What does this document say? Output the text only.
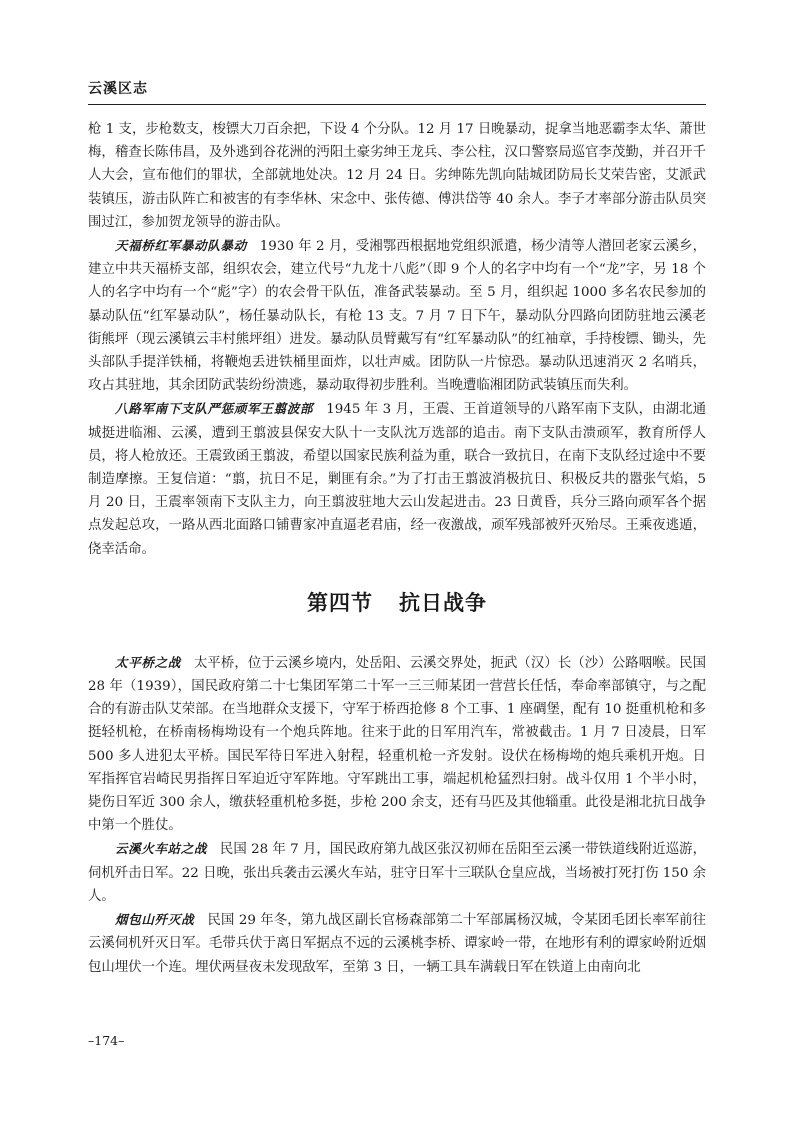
云溪区志

枪 1 支，步枪数支，梭镖大刀百余把，下设 4 个分队。12 月 17 日晚暴动，捉拿当地恶霸李太华、萧世梅，稽查长陈伟昌，及外逃到谷花洲的沔阳土豪劣绅王龙兵、李公柱，汉口警察局巡官李茂勤，并召开千人大会，宣布他们的罪状，全部就地处决。12 月 24 日。劣绅陈先凯向陆城团防局长艾荣告密，艾派武装镇压，游击队阵亡和被害的有李华林、宋念中、张传德、傅洪岱等 40 余人。李子才率部分游击队员突围过江，参加贺龙领导的游击队。

天福桥红军暴动队暴动 1930 年 2 月，受湘鄂西根据地党组织派遣，杨少清等人潜回老家云溪乡，建立中共天福桥支部，组织农会，建立代号“九龙十八彪”（即 9 个人的名字中均有一个“龙”字，另 18 个人的名字中均有一个“彪”字）的农会骨干队伍，准备武装暴动。至 5 月，组织起 1000 多名农民参加的暴动队伍“红军暴动队”，杨任暴动队长，有枪 13 支。7 月 7 日下午，暴动队分四路向团防驻地云溪老街熊坪（现云溪镇云丰村熊坪组）进发。暴动队员臂戴写有“红军暴动队”的红袖章，手持梭镖、锄头，先头部队手提洋铁桶，将鞭炮丢进铁桶里面炸，以壮声威。团防队一片惊恐。暴动队迅速消灭 2 名哨兵，攻占其驻地，其余团防武装纷纷溃逃，暴动取得初步胜利。当晚遭临湘团防武装镇压而失利。

八路军南下支队严惩顽军王翦波部 1945 年 3 月，王震、王首道领导的八路军南下支队，由湖北通城挺进临湘、云溪，遭到王翦波县保安大队十一支队沈万选部的追击。南下支队击溃顽军，教育所俘人员，将人枪放还。王震致函王翦波，希望以国家民族利益为重，联合一致抗日，在南下支队经过途中不要制造摩擦。王复信道：“翦，抗日不足，剿匪有余。”为了打击王翦波消极抗日、积极反共的嚣张气焰，5 月 20 日，王震率领南下支队主力，向王翦波驻地大云山发起进击。23 日黄昏，兵分三路向顽军各个据点发起总攻，一路从西北面路口铺曹家冲直逼老君庙，经一夜激战，顽军残部被歼灭殆尽。王乘夜逃遁，侥幸活命。

第四节 抗日战争

太平桥之战 太平桥，位于云溪乡境内，处岳阳、云溪交界处，扼武（汉）长（沙）公路咽喉。民国 28 年（1939），国民政府第二十七集团军第二十军一三三师某团一营营长任恬，奉命率部镇守，与之配合的有游击队艾荣部。在当地群众支援下，守军于桥西抢修 8 个工事、1 座碉堡，配有 10 挺重机枪和多挺轻机枪，在桥南杨梅坳设有一个炮兵阵地。往来于此的日军用汽车，常被截击。1 月 7 日凌晨，日军 500 多人进犯太平桥。国民军待日军进入射程，轻重机枪一齐发射。设伏在杨梅坳的炮兵乘机开炮。日军指挥官岩崎民男指挥日军迫近守军阵地。守军跳出工事，端起机枪猛烈扫射。战斗仅用 1 个半小时，毙伤日军近 300 余人，缴获轻重机枪多挺，步枪 200 余支，还有马匹及其他辎重。此役是湘北抗日战争中第一个胜仗。

云溪火车站之战 民国 28 年 7 月，国民政府第九战区张汉初师在岳阳至云溪一带铁道线附近巡游，伺机歼击日军。22 日晚，张出兵袭击云溪火车站，驻守日军十三联队仓皇应战，当场被打死打伤 150 余人。

烟包山歼灭战 民国 29 年冬，第九战区副长官杨森部第二十军部属杨汉城，令某团毛团长率军前往云溪伺机歼灭日军。毛带兵伏于离日军据点不远的云溪桃李桥、谭家岭一带，在地形有利的谭家岭附近烟包山埋伏一个连。埋伏两昼夜未发现敌军，至第 3 日，一辆工具车满载日军在铁道上由南向北

–174–
